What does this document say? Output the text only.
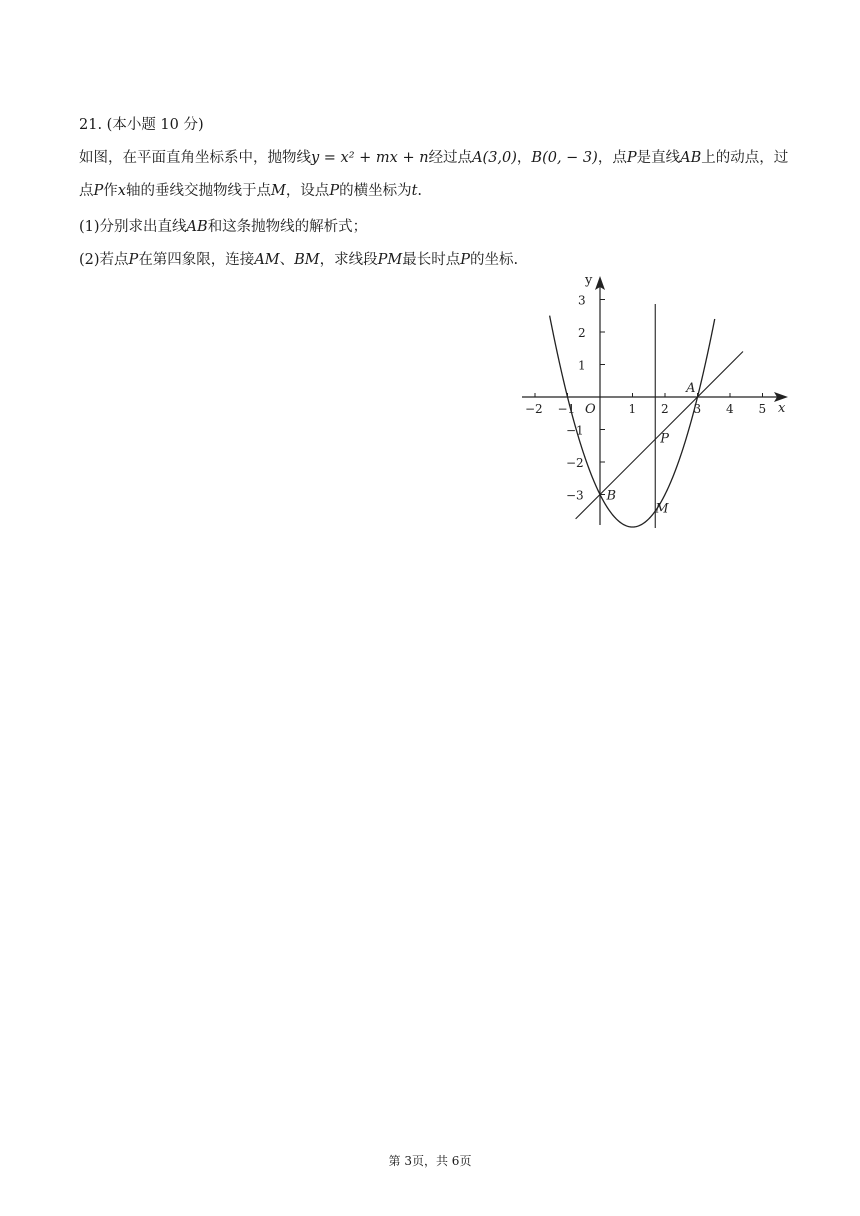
21. (本小题 10 分)
如图，在平面直角坐标系中，抛物线y = x² + mx + n经过点A(3,0)，B(0, − 3)，点P是直线AB上的动点，过
点P作x轴的垂线交抛物线于点M，设点P的横坐标为t.
(1)分别求出直线AB和这条抛物线的解析式；
(2)若点P在第四象限，连接AM、BM，求线段PM最长时点P的坐标.
x
y
O
−2 −1	1 2 3 4 5
3
2
1
−1
−2
−3
A
B
P
M
第 3页，共 6页
